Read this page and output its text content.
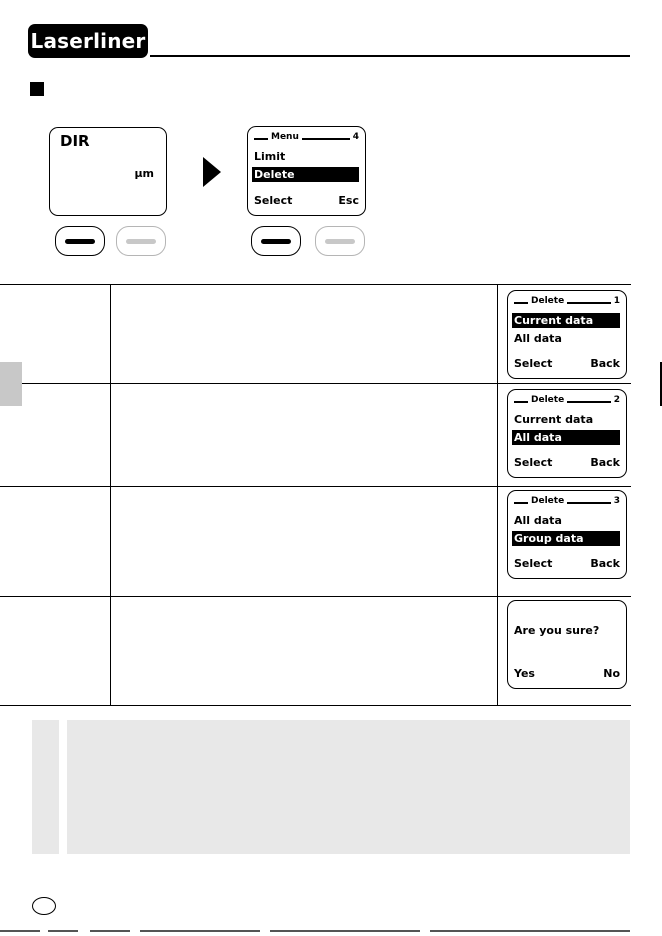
Laserliner
DIR
µm
Menu	4
Limit
Delete
Select	Esc
Delete	1
Current data
All data
Select	Back
Delete	2
Current data
All data
Select	Back
Delete	3
All data
Group data
Select	Back
Are you sure?
Yes	No
